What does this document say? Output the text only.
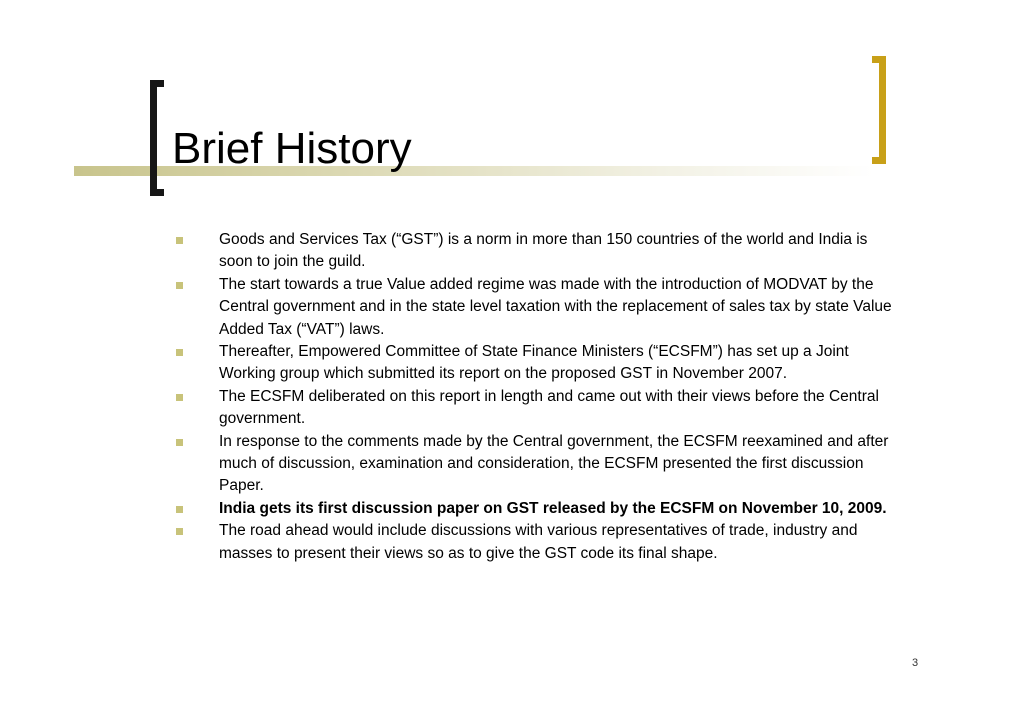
Brief History
Goods and Services Tax (“GST”) is a norm in more than 150 countries of the world and India is soon to join the guild.
The start towards a true Value added regime was made with the introduction of MODVAT by the Central government and in the state level taxation with the replacement of sales tax by state Value Added Tax (“VAT”) laws.
Thereafter, Empowered Committee of State Finance Ministers (“ECSFM”) has set up a Joint Working group which submitted its report on the proposed GST in November 2007.
The ECSFM deliberated on this report in length and came out with their views before the Central government.
In response to the comments made by the Central government, the ECSFM reexamined and after much of discussion, examination and consideration, the ECSFM presented the first discussion Paper.
India gets its first discussion paper on GST released by the ECSFM on November 10, 2009.
The road ahead would include discussions with various representatives of trade, industry and masses to present their views so as to give the GST code its final shape.
3
